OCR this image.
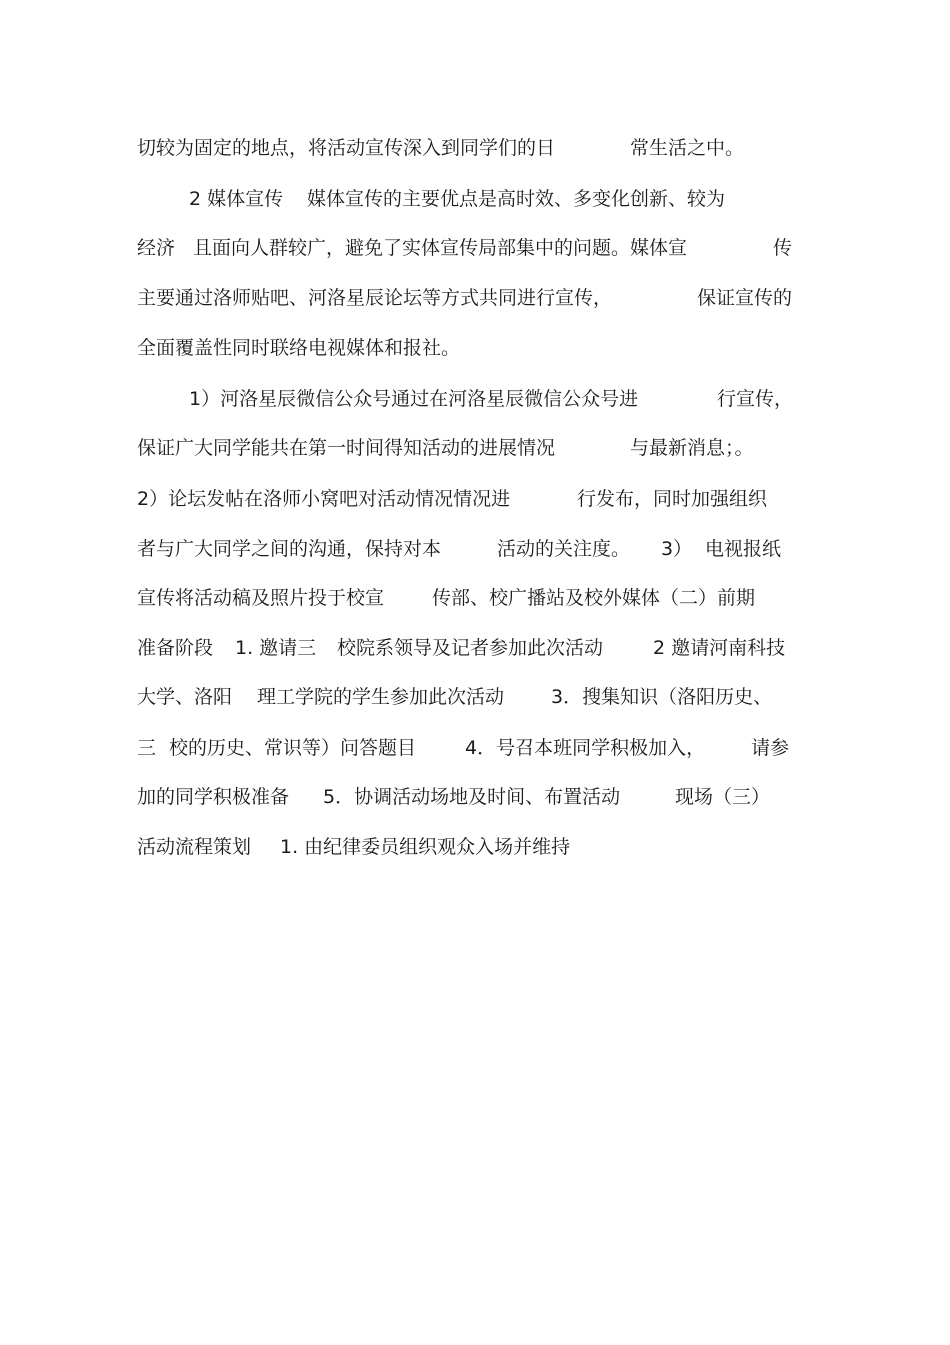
切较为固定的地点，将活动宣传深入到同学们的日	常生活之中。
2 媒体宣传 媒体宣传的主要优点是高时效、多变化创新、较为
经济 且面向人群较广，避免了实体宣传局部集中的问题。媒体宣	传
主要通过洛师贴吧、河洛星辰论坛等方式共同进行宣传，	保证宣传的
全面覆盖性同时联络电视媒体和报社。
1）河洛星辰微信公众号通过在河洛星辰微信公众号进	行宣传，
保证广大同学能共在第一时间得知活动的进展情况	与最新消息；。
2）论坛发帖在洛师小窝吧对活动情况情况进	行发布，同时加强组织
者与广大同学之间的沟通，保持对本	活动的关注度。 3） 电视报纸
宣传将活动稿及照片投于校宣	传部、校广播站及校外媒体（二）前期
准备阶段 1. 邀请三 校院系领导及记者参加此次活动	2 邀请河南科技
大学、洛阳 理工学院的学生参加此次活动 3．搜集知识（洛阳历史、
三 校的历史、常识等）问答题目	4．号召本班同学积极加入， 请参
加的同学积极准备 5．协调活动场地及时间、布置活动	现场（三）
活动流程策划 1. 由纪律委员组织观众入场并维持
